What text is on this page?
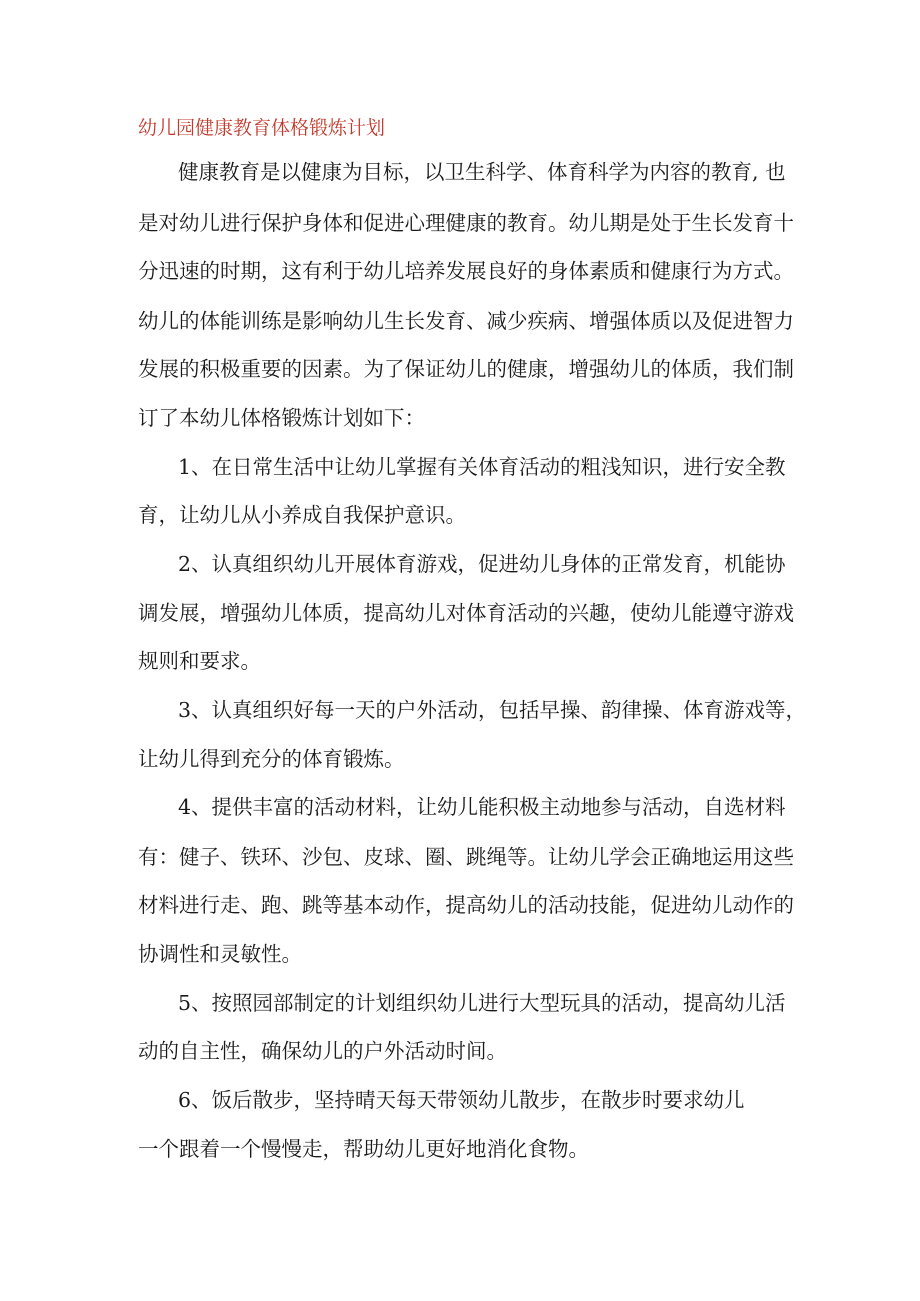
幼儿园健康教育体格锻炼计划
健康教育是以健康为目标，以卫生科学、体育科学为内容的教育, 也
是对幼儿进行保护身体和促进心理健康的教育。幼儿期是处于生长发育十
分迅速的时期，这有利于幼儿培养发展良好的身体素质和健康行为方式。
幼儿的体能训练是影响幼儿生长发育、减少疾病、增强体质以及促进智力
发展的积极重要的因素。为了保证幼儿的健康，增强幼儿的体质，我们制
订了本幼儿体格锻炼计划如下：
1、在日常生活中让幼儿掌握有关体育活动的粗浅知识，进行安全教
育，让幼儿从小养成自我保护意识。
2、认真组织幼儿开展体育游戏，促进幼儿身体的正常发育，机能协
调发展，增强幼儿体质，提高幼儿对体育活动的兴趣，使幼儿能遵守游戏
规则和要求。
3、认真组织好每一天的户外活动，包括早操、韵律操、体育游戏等，
让幼儿得到充分的体育锻炼。
4、提供丰富的活动材料，让幼儿能积极主动地参与活动，自选材料
有：健子、铁环、沙包、皮球、圈、跳绳等。让幼儿学会正确地运用这些
材料进行走、跑、跳等基本动作，提高幼儿的活动技能，促进幼儿动作的
协调性和灵敏性。
5、按照园部制定的计划组织幼儿进行大型玩具的活动，提高幼儿活
动的自主性，确保幼儿的户外活动时间。
6、饭后散步，坚持晴天每天带领幼儿散步，在散步时要求幼儿
一个跟着一个慢慢走，帮助幼儿更好地消化食物。
